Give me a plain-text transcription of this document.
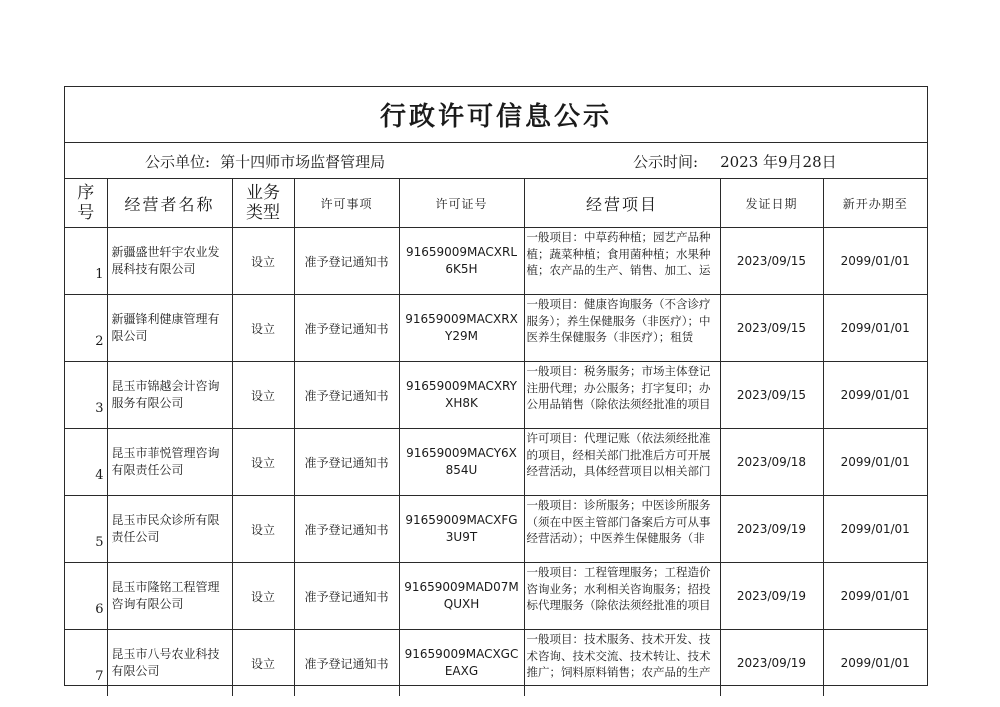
行政许可信息公示
公示单位: 第十四师市场监督管理局	公示时间: 2023 年9月28日
序号	经营者名称	业务类型	许可事项	许可证号	经营项目	发证日期	新开办期至
1	新疆盛世轩宇农业发展科技有限公司	设立	准予登记通知书	91659009MACXRL6K5H	一般项目：中草药种植；园艺产品种植；蔬菜种植；食用菌种植；水果种植；农产品的生产、销售、加工、运	2023/09/15	2099/01/01
2	新疆锋利健康管理有限公司	设立	准予登记通知书	91659009MACXRXY29M	一般项目：健康咨询服务（不含诊疗服务）；养生保健服务（非医疗）；中医养生保健服务（非医疗）；租赁	2023/09/15	2099/01/01
3	昆玉市锦越会计咨询服务有限公司	设立	准予登记通知书	91659009MACXRYXH8K	一般项目：税务服务；市场主体登记注册代理；办公服务；打字复印；办公用品销售（除依法须经批准的项目	2023/09/15	2099/01/01
4	昆玉市菲悦管理咨询有限责任公司	设立	准予登记通知书	91659009MACY6X854U	许可项目：代理记账（依法须经批准的项目，经相关部门批准后方可开展经营活动，具体经营项目以相关部门	2023/09/18	2099/01/01
5	昆玉市民众诊所有限责任公司	设立	准予登记通知书	91659009MACXFG3U9T	一般项目：诊所服务；中医诊所服务（须在中医主管部门备案后方可从事经营活动）；中医养生保健服务（非	2023/09/19	2099/01/01
6	昆玉市隆铭工程管理咨询有限公司	设立	准予登记通知书	91659009MAD07MQUXH	一般项目：工程管理服务；工程造价咨询业务；水利相关咨询服务；招投标代理服务（除依法须经批准的项目	2023/09/19	2099/01/01
7	昆玉市八号农业科技有限公司	设立	准予登记通知书	91659009MACXGCEAXG	一般项目：技术服务、技术开发、技术咨询、技术交流、技术转让、技术推广；饲料原料销售；农产品的生产	2023/09/19	2099/01/01
